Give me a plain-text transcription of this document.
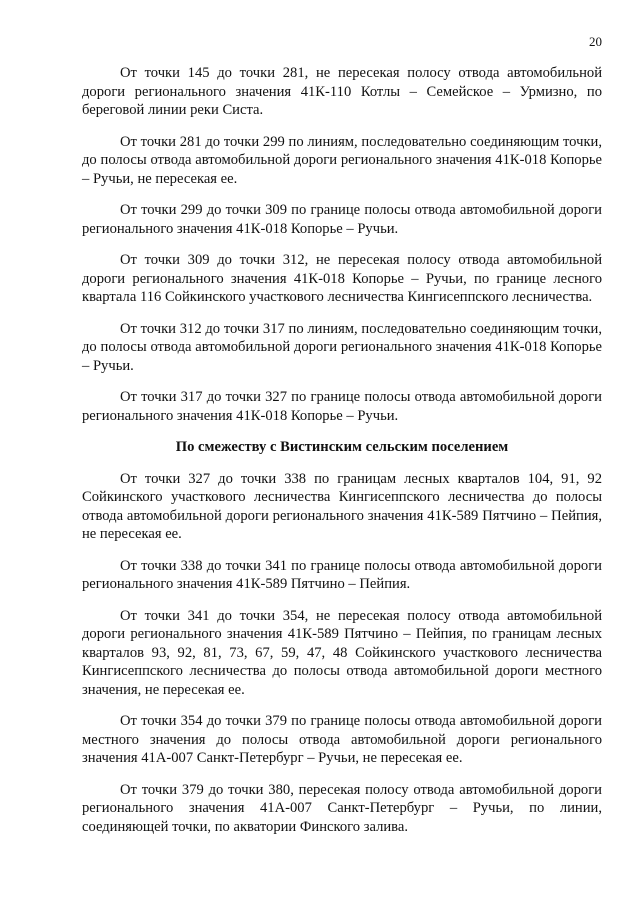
20

От точки 145 до точки 281, не пересекая полосу отвода автомобильной дороги регионального значения 41К-110 Котлы – Семейское – Урмизно, по береговой линии реки Систа.

От точки 281 до точки 299 по линиям, последовательно соединяющим точки, до полосы отвода автомобильной дороги регионального значения 41К-018 Копорье – Ручьи, не пересекая ее.

От точки 299 до точки 309 по границе полосы отвода автомобильной дороги регионального значения 41К-018 Копорье – Ручьи.

От точки 309 до точки 312, не пересекая полосу отвода автомобильной дороги регионального значения 41К-018 Копорье – Ручьи, по границе лесного квартала 116 Сойкинского участкового лесничества Кингисеппского лесничества.

От точки 312 до точки 317 по линиям, последовательно соединяющим точки, до полосы отвода автомобильной дороги регионального значения 41К-018 Копорье – Ручьи.

От точки 317 до точки 327 по границе полосы отвода автомобильной дороги регионального значения 41К-018 Копорье – Ручьи.

По смежеству с Вистинским сельским поселением

От точки 327 до точки 338 по границам лесных кварталов 104, 91, 92 Сойкинского участкового лесничества Кингисеппского лесничества до полосы отвода автомобильной дороги регионального значения 41К-589 Пятчино – Пейпия, не пересекая ее.

От точки 338 до точки 341 по границе полосы отвода автомобильной дороги регионального значения 41К-589 Пятчино – Пейпия.

От точки 341 до точки 354, не пересекая полосу отвода автомобильной дороги регионального значения 41К-589 Пятчино – Пейпия, по границам лесных кварталов 93, 92, 81, 73, 67, 59, 47, 48 Сойкинского участкового лесничества Кингисеппского лесничества до полосы отвода автомобильной дороги местного значения, не пересекая ее.

От точки 354 до точки 379 по границе полосы отвода автомобильной дороги местного значения до полосы отвода автомобильной дороги регионального значения 41А-007 Санкт-Петербург – Ручьи, не пересекая ее.

От точки 379 до точки 380, пересекая полосу отвода автомобильной дороги регионального значения 41А-007 Санкт-Петербург – Ручьи, по линии, соединяющей точки, по акватории Финского залива.
